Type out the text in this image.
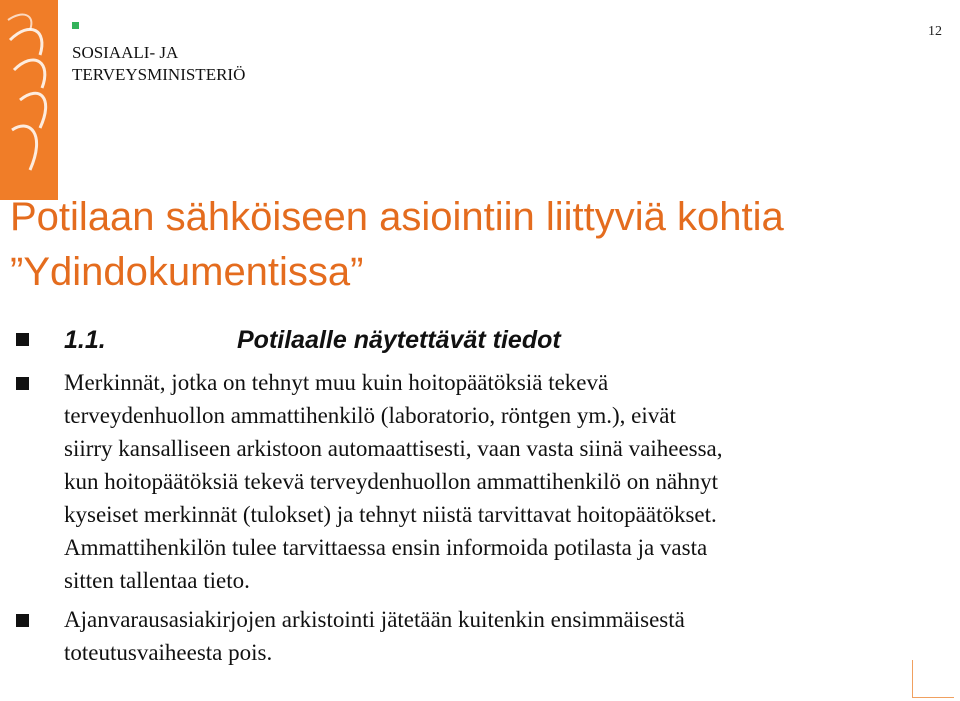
SOSIAALI- JA
TERVEYSMINISTERIÖ
12
Potilaan sähköiseen asiointiin liittyviä kohtia
”Ydindokumentissa”
1.1.	Potilaalle näytettävät tiedot
Merkinnät, jotka on tehnyt muu kuin hoitopäätöksiä tekevä
terveydenhuollon ammattihenkilö (laboratorio, röntgen ym.), eivät
siirry kansalliseen arkistoon automaattisesti, vaan vasta siinä vaiheessa,
kun hoitopäätöksiä tekevä terveydenhuollon ammattihenkilö on nähnyt
kyseiset merkinnät (tulokset) ja tehnyt niistä tarvittavat hoitopäätökset.
Ammattihenkilön tulee tarvittaessa ensin informoida potilasta ja vasta
sitten tallentaa tieto.
Ajanvarausasiakirjojen arkistointi jätetään kuitenkin ensimmäisestä
toteutusvaiheesta pois.
